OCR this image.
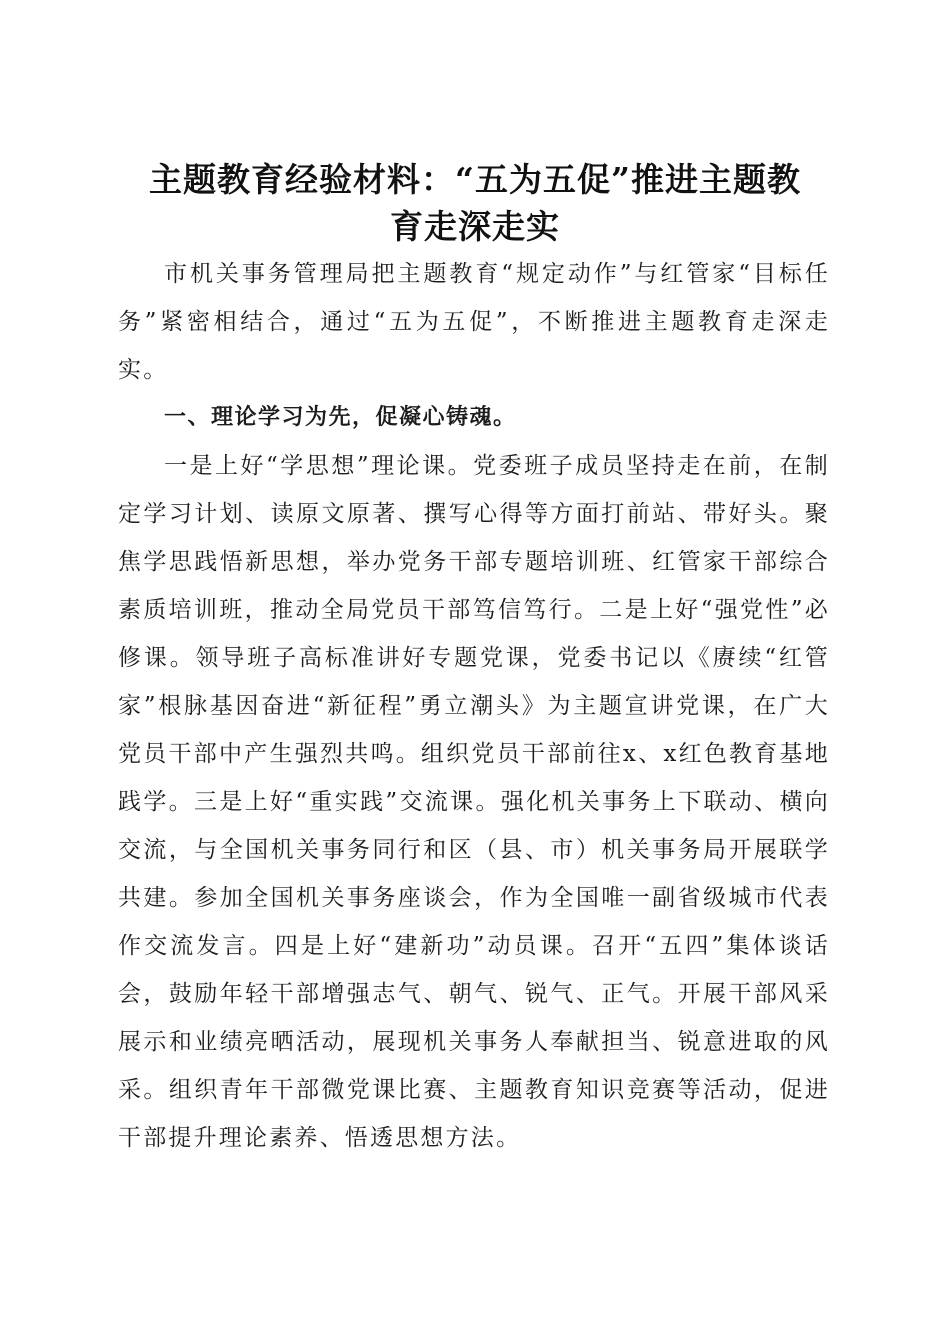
主题教育经验材料：“五为五促”推进主题教
育走深走实

市机关事务管理局把主题教育“规定动作”与红管家“目标任务”紧密相结合，通过“五为五促”，不断推进主题教育走深走实。

一、理论学习为先，促凝心铸魂。

一是上好“学思想”理论课。党委班子成员坚持走在前，在制定学习计划、读原文原著、撰写心得等方面打前站、带好头。聚焦学思践悟新思想，举办党务干部专题培训班、红管家干部综合素质培训班，推动全局党员干部笃信笃行。二是上好“强党性”必修课。领导班子高标准讲好专题党课，党委书记以《赓续“红管家”根脉基因奋进“新征程”勇立潮头》为主题宣讲党课，在广大党员干部中产生强烈共鸣。组织党员干部前往x、x红色教育基地践学。三是上好“重实践”交流课。强化机关事务上下联动、横向交流，与全国机关事务同行和区（县、市）机关事务局开展联学共建。参加全国机关事务座谈会，作为全国唯一副省级城市代表作交流发言。四是上好“建新功”动员课。召开“五四”集体谈话会，鼓励年轻干部增强志气、朝气、锐气、正气。开展干部风采展示和业绩亮晒活动，展现机关事务人奉献担当、锐意进取的风采。组织青年干部微党课比赛、主题教育知识竞赛等活动，促进干部提升理论素养、悟透思想方法。
